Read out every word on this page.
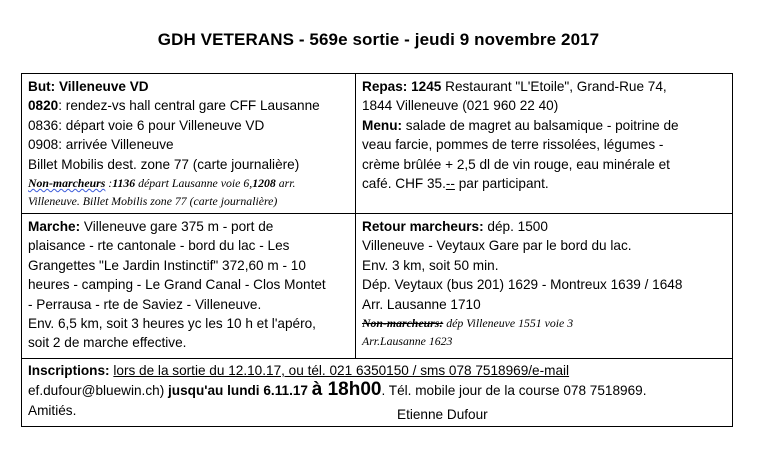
GDH VETERANS - 569e sortie - jeudi 9 novembre 2017
But: Villeneuve VD
0820: rendez-vs hall central gare CFF Lausanne
0836: départ voie 6 pour Villeneuve VD
0908: arrivée Villeneuve
Billet Mobilis dest. zone 77 (carte journalière)
Non-marcheurs :1136 départ Lausanne voie 6,1208 arr.
Villeneuve. Billet Mobilis zone 77 (carte journalière)
Repas: 1245 Restaurant "L'Etoile", Grand-Rue 74,
1844 Villeneuve (021 960 22 40)
Menu: salade de magret au balsamique - poitrine de
veau farcie, pommes de terre rissolées, légumes -
crème brûlée + 2,5 dl de vin rouge, eau minérale et
café. CHF 35.-- par participant.
Marche: Villeneuve gare 375 m - port de
plaisance - rte cantonale - bord du lac - Les
Grangettes "Le Jardin Instinctif" 372,60 m - 10
heures - camping - Le Grand Canal - Clos Montet
- Perrausa - rte de Saviez - Villeneuve.
Env. 6,5 km, soit 3 heures yc les 10 h et l'apéro,
soit 2 de marche effective.
Retour marcheurs: dép. 1500
Villeneuve - Veytaux Gare par le bord du lac.
Env. 3 km, soit 50 min.
Dép. Veytaux (bus 201) 1629 - Montreux 1639 / 1648
Arr. Lausanne 1710
Non-marcheurs: dép Villeneuve 1551 voie 3
Arr.Lausanne 1623
Inscriptions: lors de la sortie du 12.10.17, ou tél. 021 6350150 / sms 078 7518969/e-mail
ef.dufour@bluewin.ch) jusqu'au lundi 6.11.17 à 18h00. Tél. mobile jour de la course 078 7518969.
Amitiés.	Etienne Dufour
